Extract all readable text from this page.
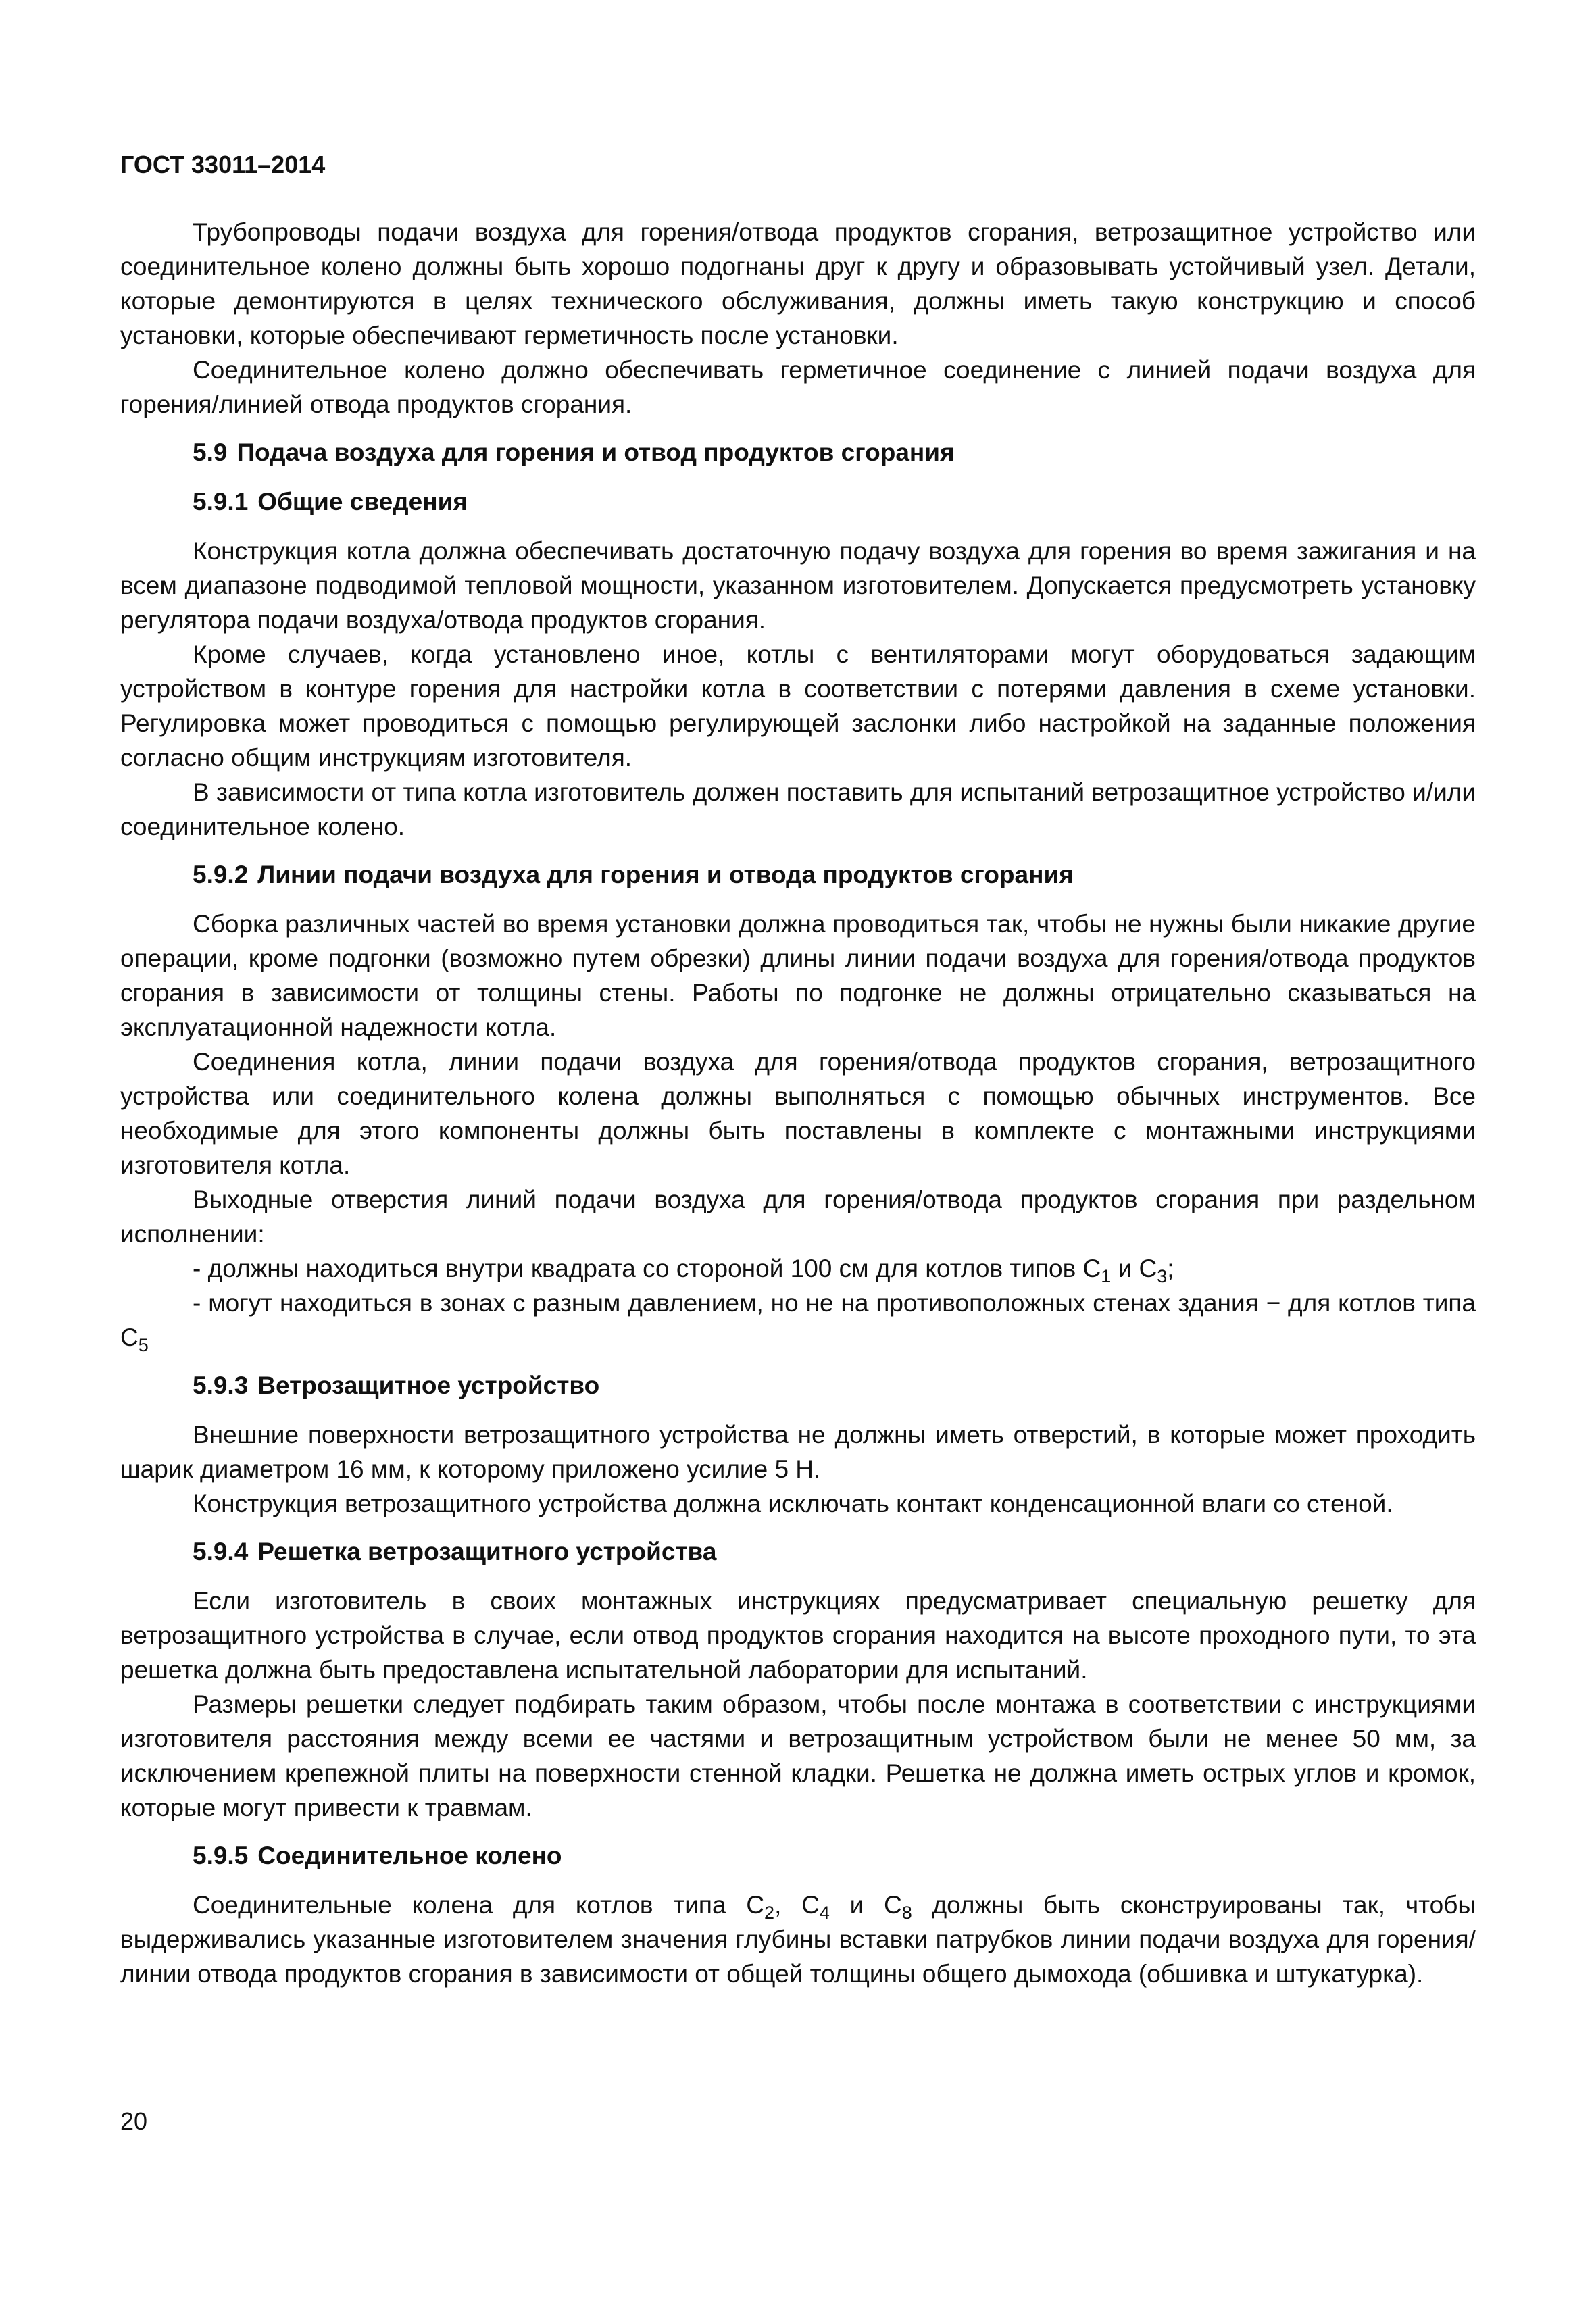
ГОСТ 33011–2014

Трубопроводы подачи воздуха для горения/отвода продуктов сгорания, ветрозащитное устройство или соединительное колено должны быть хорошо подогнаны друг к другу и образовывать устойчивый узел. Детали, которые демонтируются в целях технического обслуживания, должны иметь такую конструкцию и способ установки, которые обеспечивают герметичность после установки.

Соединительное колено должно обеспечивать герметичное соединение с линией подачи воздуха для горения/линией отвода продуктов сгорания.

5.9 Подача воздуха для горения и отвод продуктов сгорания
5.9.1 Общие сведения

Конструкция котла должна обеспечивать достаточную подачу воздуха для горения во время зажигания и на всем диапазоне подводимой тепловой мощности, указанном изготовителем. Допускается предусмотреть установку регулятора подачи воздуха/отвода продуктов сгорания.

Кроме случаев, когда установлено иное, котлы с вентиляторами могут оборудоваться задающим устройством в контуре горения для настройки котла в соответствии с потерями давления в схеме установки. Регулировка может проводиться с помощью регулирующей заслонки либо настройкой на заданные положения согласно общим инструкциям изготовителя.

В зависимости от типа котла изготовитель должен поставить для испытаний ветрозащитное устройство и/или соединительное колено.

5.9.2 Линии подачи воздуха для горения и отвода продуктов сгорания

Сборка различных частей во время установки должна проводиться так, чтобы не нужны были никакие другие операции, кроме подгонки (возможно путем обрезки) длины линии подачи воздуха для горения/отвода продуктов сгорания в зависимости от толщины стены. Работы по подгонке не должны отрицательно сказываться на эксплуатационной надежности котла.

Соединения котла, линии подачи воздуха для горения/отвода продуктов сгорания, ветрозащитного устройства или соединительного колена должны выполняться с помощью обычных инструментов. Все необходимые для этого компоненты должны быть поставлены в комплекте с монтажными инструкциями изготовителя котла.

Выходные отверстия линий подачи воздуха для горения/отвода продуктов сгорания при раздельном исполнении:

- должны находиться внутри квадрата со стороной 100 см для котлов типов $C_1$ и $C_3$;

- могут находиться в зонах с разным давлением, но не на противоположных стенах здания − для котлов типа $C_5$

5.9.3 Ветрозащитное устройство

Внешние поверхности ветрозащитного устройства не должны иметь отверстий, в которые может проходить шарик диаметром 16 мм, к которому приложено усилие 5 Н.

Конструкция ветрозащитного устройства должна исключать контакт конденсационной влаги со стеной.

5.9.4 Решетка ветрозащитного устройства

Если изготовитель в своих монтажных инструкциях предусматривает специальную решетку для ветрозащитного устройства в случае, если отвод продуктов сгорания находится на высоте проходного пути, то эта решетка должна быть предоставлена испытательной лаборатории для испытаний.

Размеры решетки следует подбирать таким образом, чтобы после монтажа в соответствии с инструкциями изготовителя расстояния между всеми ее частями и ветрозащитным устройством были не менее 50 мм, за исключением крепежной плиты на поверхности стенной кладки. Решетка не должна иметь острых углов и кромок, которые могут привести к травмам.

5.9.5 Соединительное колено

Соединительные колена для котлов типа $C_2$, $C_4$ и $C_8$ должны быть сконструированы так, чтобы выдерживались указанные изготовителем значения глубины вставки патрубков линии подачи воздуха для горения/линии отвода продуктов сгорания в зависимости от общей толщины общего дымохода (обшивка и штукатурка).

20
